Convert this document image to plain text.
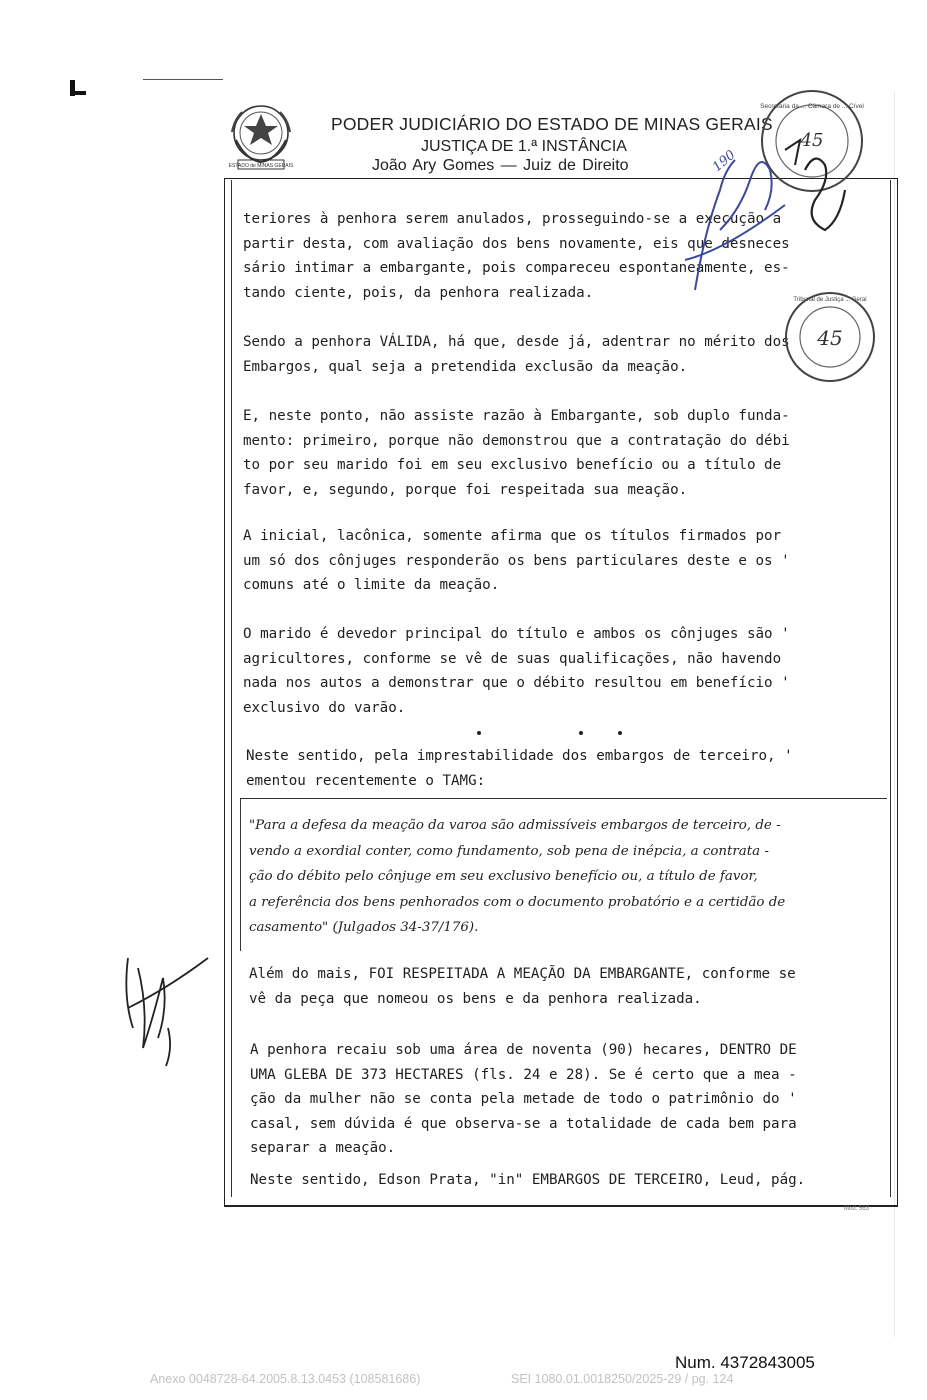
ESTADO de MINAS GERAIS
PODER JUDICIÁRIO DO ESTADO DE MINAS GERAIS
JUSTIÇA DE 1.ª INSTÂNCIA
João Ary Gomes — Juiz de Direito
teriores à penhora serem anulados, prosseguindo-se a execução a
partir desta, com avaliação dos bens novamente, eis que desneces
sário intimar a embargante, pois compareceu espontaneamente, es-
tando ciente, pois, da penhora realizada.
Sendo a penhora VÁLIDA, há que, desde já, adentrar no mérito dos
Embargos, qual seja a pretendida exclusão da meação.
E, neste ponto, não assiste razão à Embargante, sob duplo funda-
mento: primeiro, porque não demonstrou que a contratação do débi
to por seu marido foi em seu exclusivo benefício ou a título de
favor, e, segundo, porque foi respeitada sua meação.
A inicial, lacônica, somente afirma que os títulos firmados por
um só dos cônjuges responderão os bens particulares deste e os '
comuns até o limite da meação.
O marido é devedor principal do título e ambos os cônjuges são '
agricultores, conforme se vê de suas qualificações, não havendo
nada nos autos a demonstrar que o débito resultou em benefício '
exclusivo do varão.
Neste sentido, pela imprestabilidade dos embargos de terceiro, '
ementou recentemente o TAMG:
"Para a defesa da meação da varoa são admissíveis embargos de terceiro, de -
vendo a exordial conter, como fundamento, sob pena de inépcia, a contrata -
ção do débito pelo cônjuge em seu exclusivo benefício ou, a título de favor,
a referência dos bens penhorados com o documento probatório e a certidão de
casamento" (Julgados 34-37/176).
Além do mais, FOI RESPEITADA A MEAÇÃO DA EMBARGANTE, conforme se
vê da peça que nomeou os bens e da penhora realizada.
A penhora recaiu sob uma área de noventa (90) hecares, DENTRO DE
UMA GLEBA DE 373 HECTARES (fls. 24 e 28). Se é certo que a mea -
ção da mulher não se conta pela metade de todo o patrimônio do '
casal, sem dúvida é que observa-se a totalidade de cada bem para
separar a meação.
Neste sentido, Edson Prata, "in" EMBARGOS DE TERCEIRO, Leud, pág.
Mod. 563
45
Secretaria da ... Câmara de ... Cível
45
Tribunal de Justiça ... Geral
190
Num. 4372843005
Anexo 0048728-64.2005.8.13.0453 (108581686)	SEI 1080.01.0018250/2025-29 / pg. 124
